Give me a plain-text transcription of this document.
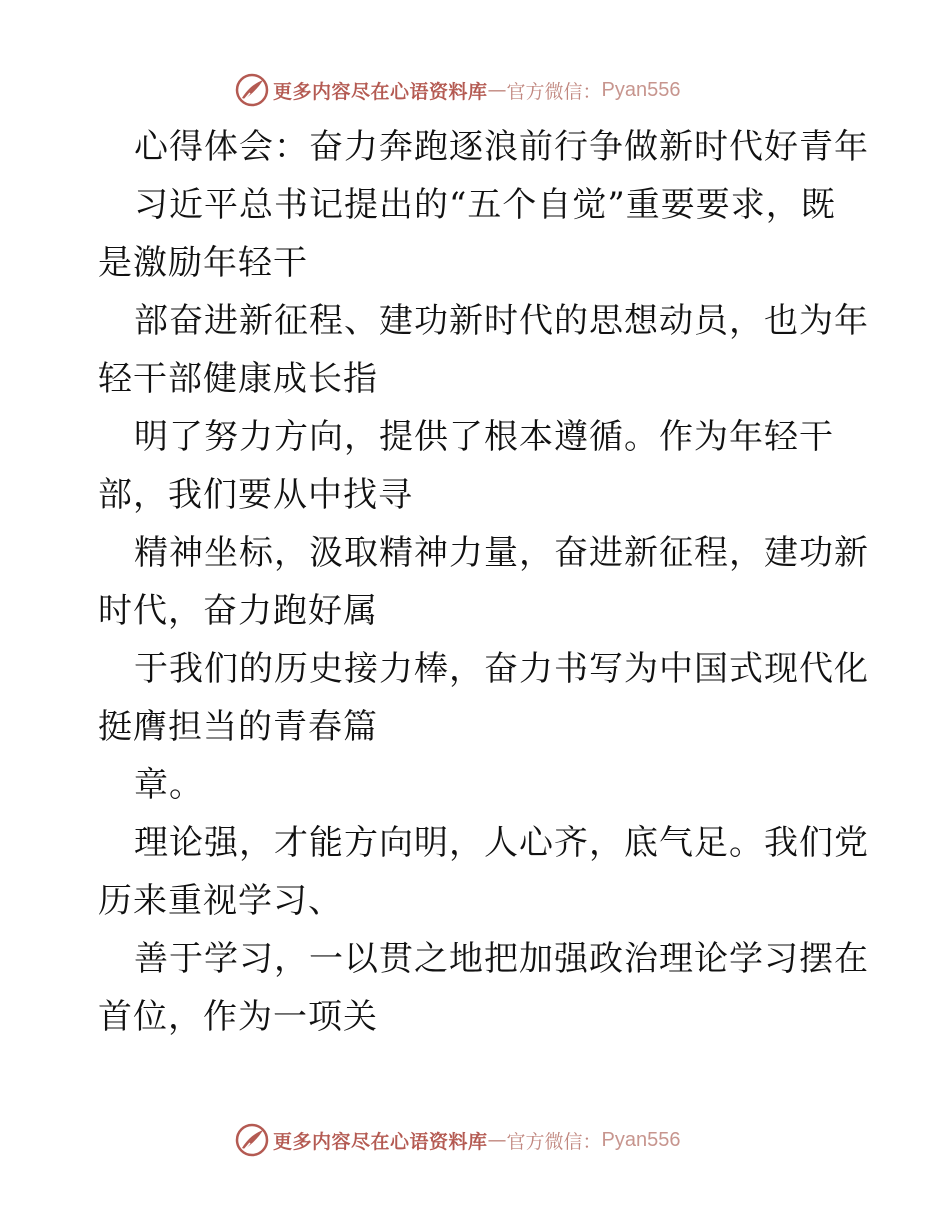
更多内容尽在心语资料库 — 官方微信： Pyan556
心得体会：奋力奔跑逐浪前行争做新时代好青年
习近平总书记提出的“五个自觉”重要要求，既
是激励年轻干
部奋进新征程、建功新时代的思想动员，也为年
轻干部健康成长指
明了努力方向，提供了根本遵循。作为年轻干
部，我们要从中找寻
精神坐标，汲取精神力量，奋进新征程，建功新
时代，奋力跑好属
于我们的历史接力棒，奋力书写为中国式现代化
挺膺担当的青春篇
章。
理论强，才能方向明，人心齐，底气足。我们党
历来重视学习、
善于学习，一以贯之地把加强政治理论学习摆在
首位，作为一项关
更多内容尽在心语资料库 — 官方微信： Pyan556
